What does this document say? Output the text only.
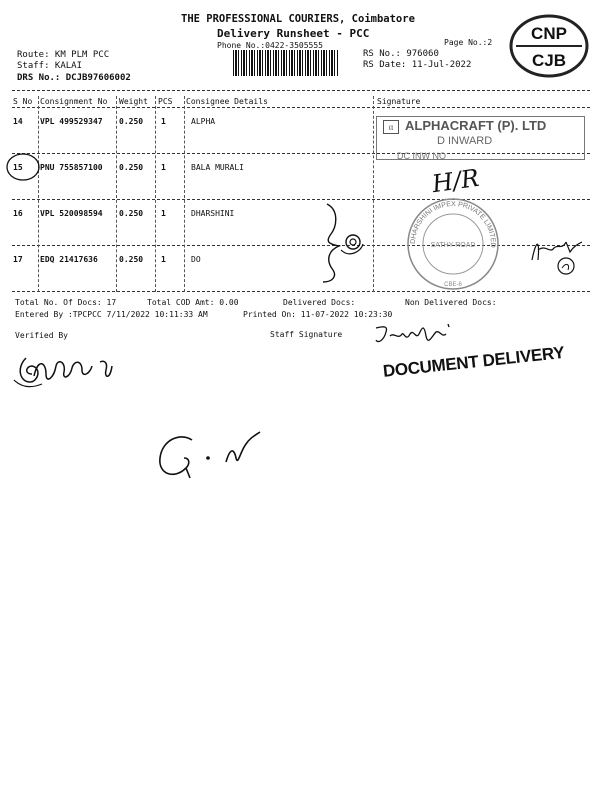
THE PROFESSIONAL COURIERS, Coimbatore
Delivery Runsheet - PCC
Phone No.:0422-3505555	Page No.:2
Route: KM PLM PCC
Staff: KALAI
DRS No.: DCJB97606002
RS No.: 976060
RS Date: 11-Jul-2022
CNP
CJB
S No Consignment No Weight PCS Consignee Details	Signature
14 VPL 499529347 0.250 1	ALPHA
15 PNU 755857100 0.250 1	BALA MURALI
16 VPL 520098594 0.250 1	DHARSHINI
17 EDQ 21417636	0.250 1	DO
α ALPHACRAFT (P). LTD
D INWARD
DC INW NO
H/R
DHARSHINI IMPEX PRIVATE LIMITED
SATHY ROAD
CBE-6
Total No. Of Docs: 17	Total COD Amt: 0.00	Delivered Docs:	Non Delivered Docs:
Entered By :TPCPCC 7/11/2022 10:11:33 AM	Printed On: 11-07-2022 10:23:30
Verified By	Staff Signature
DOCUMENT DELIVERY
